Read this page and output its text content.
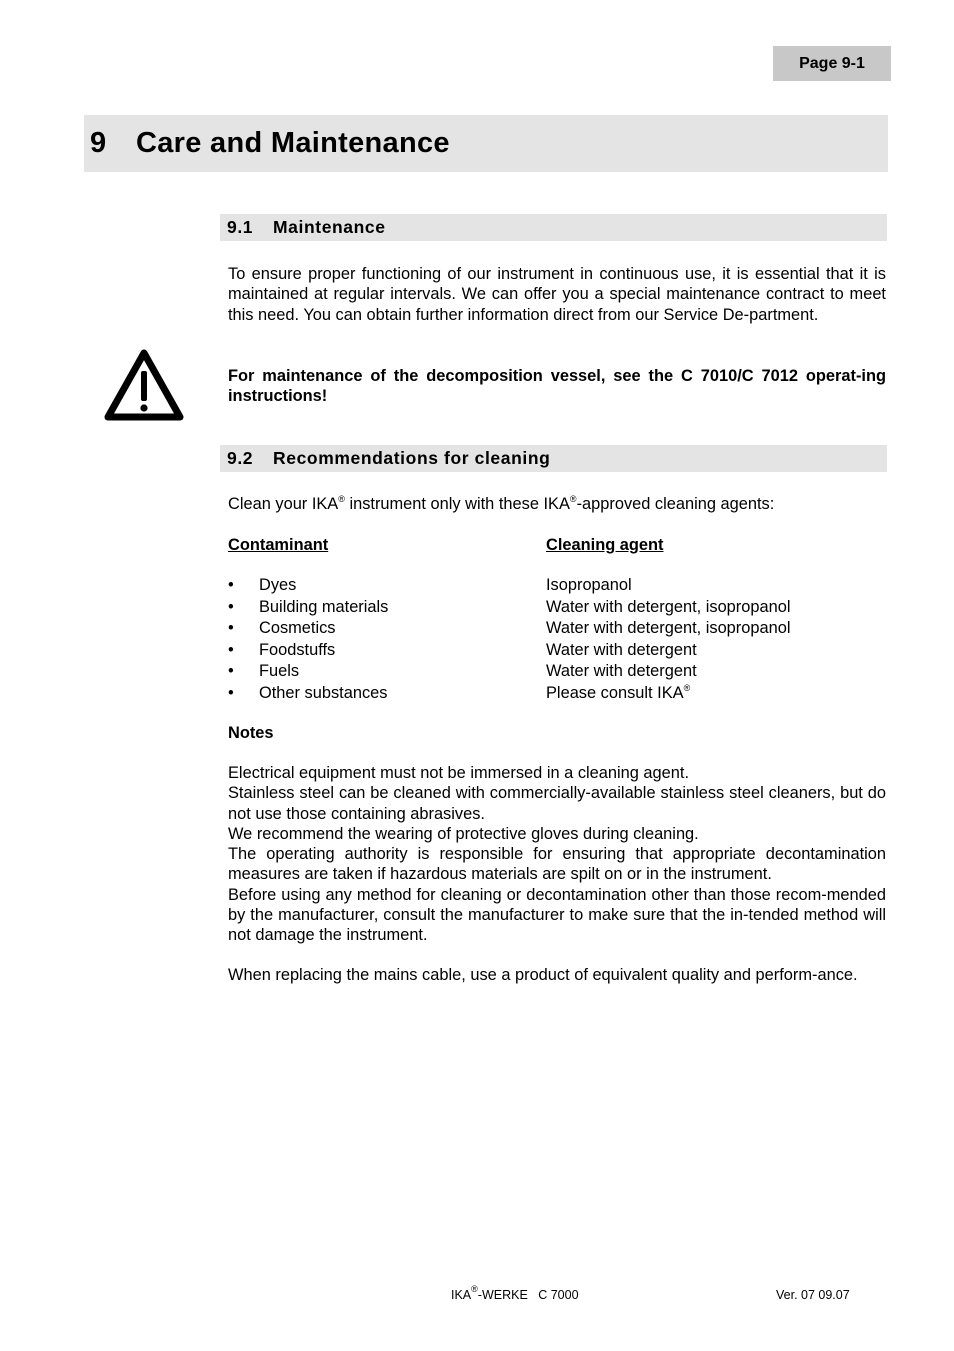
Page 9-1
9	Care and Maintenance
9.1	Maintenance

To ensure proper functioning of our instrument in continuous use, it is essential that it is maintained at regular intervals. We can offer you a special maintenance contract to meet this need. You can obtain further information direct from our Service De-partment.

For maintenance of the decomposition vessel, see the C 7010/C 7012 operat-ing instructions!

9.2	Recommendations for cleaning

Clean your IKA® instrument only with these IKA®-approved cleaning agents:

Contaminant	Cleaning agent
• Dyes	Isopropanol
• Building materials	Water with detergent, isopropanol
• Cosmetics	Water with detergent, isopropanol
• Foodstuffs	Water with detergent
• Fuels	Water with detergent
• Other substances	Please consult IKA®

Notes

Electrical equipment must not be immersed in a cleaning agent.

Stainless steel can be cleaned with commercially-available stainless steel cleaners, but do not use those containing abrasives.

We recommend the wearing of protective gloves during cleaning.

The operating authority is responsible for ensuring that appropriate decontamination measures are taken if hazardous materials are spilt on or in the instrument.

Before using any method for cleaning or decontamination other than those recom-mended by the manufacturer, consult the manufacturer to make sure that the in-tended method will not damage the instrument.

When replacing the mains cable, use a product of equivalent quality and perform-ance.

IKA®-WERKE   C 7000	Ver. 07 09.07
